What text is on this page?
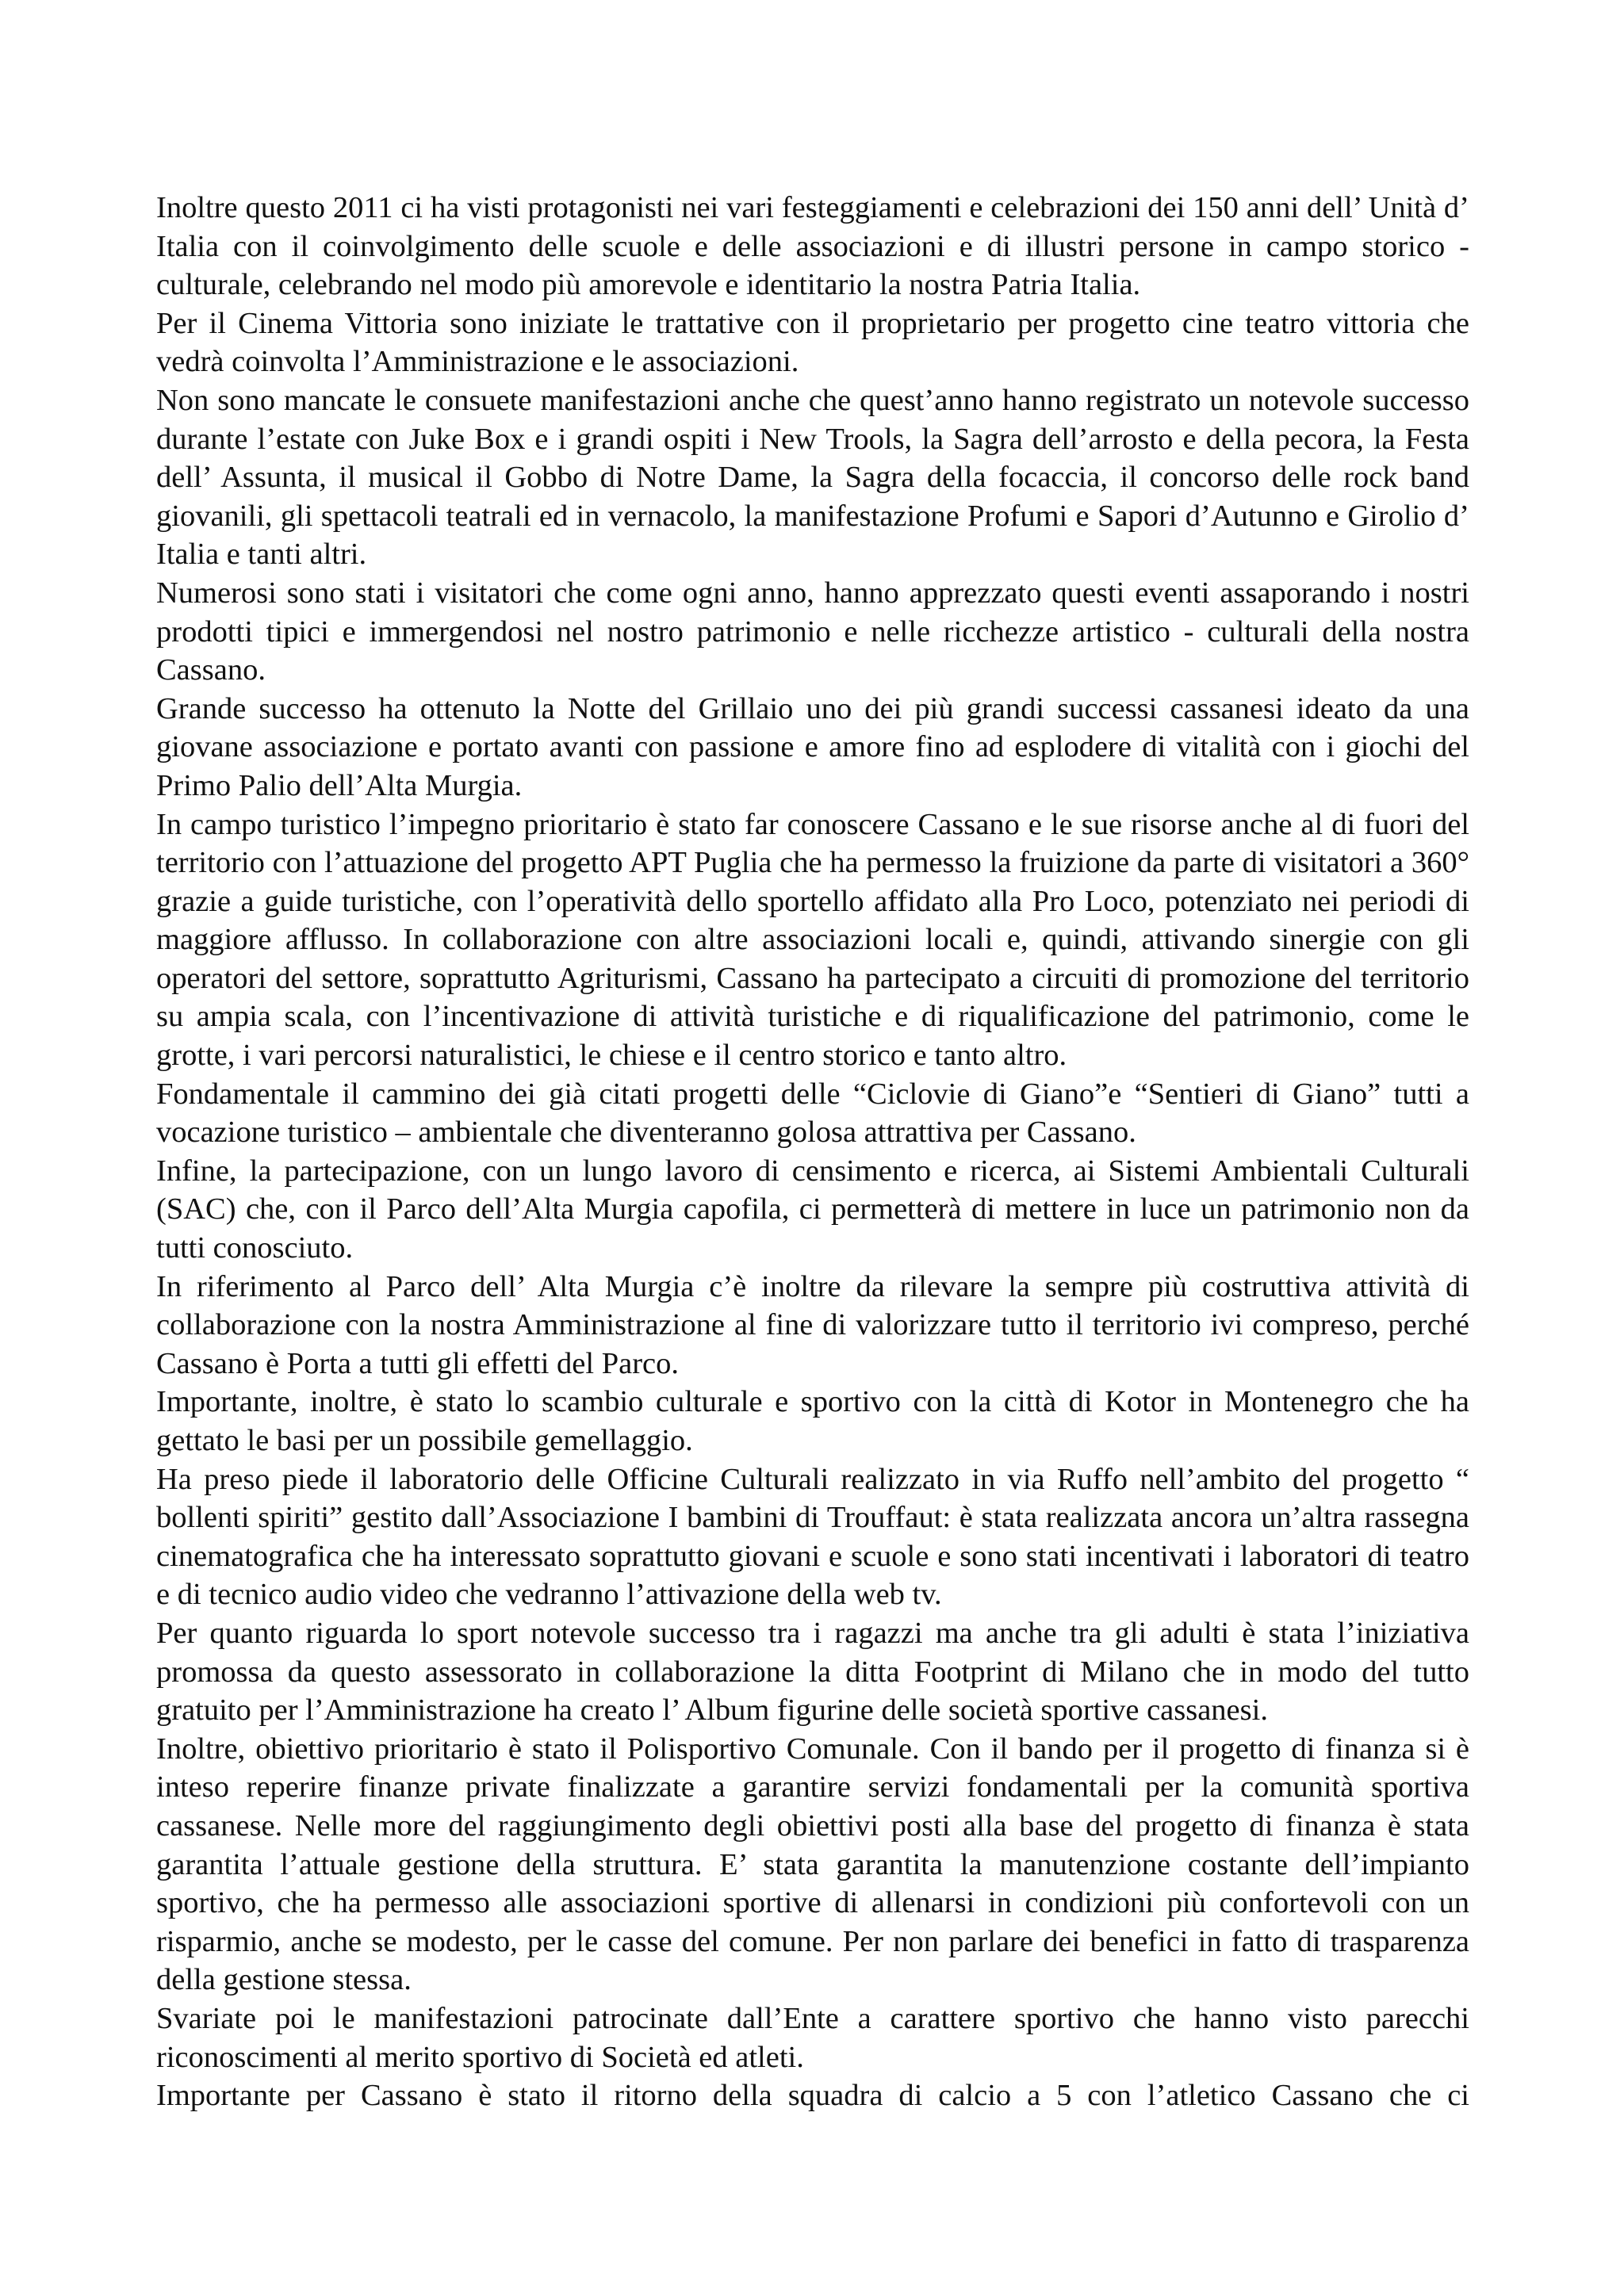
Inoltre questo 2011 ci ha visti protagonisti nei vari festeggiamenti e celebrazioni dei 150 anni dell’ Unità d’ Italia con il coinvolgimento delle scuole e delle associazioni e di illustri persone in campo storico - culturale, celebrando nel modo più amorevole e identitario la nostra Patria Italia.

Per il Cinema Vittoria sono iniziate le trattative con il proprietario per progetto cine teatro vittoria che vedrà coinvolta l’Amministrazione e le associazioni.

Non sono mancate le consuete manifestazioni anche che quest’anno hanno registrato un notevole successo durante l’estate con Juke Box e i grandi ospiti i New Trools, la Sagra dell’arrosto e della pecora, la Festa dell’ Assunta, il musical il Gobbo di Notre Dame, la Sagra della focaccia, il concorso delle rock band giovanili, gli spettacoli teatrali ed in vernacolo, la manifestazione Profumi e Sapori d’Autunno e Girolio d’ Italia e tanti altri.

Numerosi sono stati i visitatori che come ogni anno, hanno apprezzato questi eventi assaporando i nostri prodotti tipici e immergendosi nel nostro patrimonio e nelle ricchezze artistico - culturali della nostra Cassano.

Grande successo ha ottenuto la Notte del Grillaio uno dei più grandi successi cassanesi ideato da una giovane associazione e portato avanti con passione e amore fino ad esplodere di vitalità con i giochi del Primo Palio dell’Alta Murgia.

In campo turistico l’impegno prioritario è stato far conoscere Cassano e le sue risorse anche al di fuori del territorio con l’attuazione del progetto APT Puglia che ha permesso la fruizione da parte di visitatori a 360° grazie a guide turistiche, con l’operatività dello sportello affidato alla Pro Loco, potenziato nei periodi di maggiore afflusso. In collaborazione con altre associazioni locali e, quindi, attivando sinergie con gli operatori del settore, soprattutto Agriturismi, Cassano ha partecipato a circuiti di promozione del territorio su ampia scala, con l’incentivazione di attività turistiche e di riqualificazione del patrimonio, come le grotte, i vari percorsi naturalistici, le chiese e il centro storico e tanto altro.

Fondamentale il cammino dei già citati progetti delle “Ciclovie di Giano”e “Sentieri di Giano” tutti a vocazione turistico – ambientale che diventeranno golosa attrattiva per Cassano.

Infine, la partecipazione, con un lungo lavoro di censimento e ricerca, ai Sistemi Ambientali Culturali (SAC) che, con il Parco dell’Alta Murgia capofila, ci permetterà di mettere in luce un patrimonio non da tutti conosciuto.

In riferimento al Parco dell’ Alta Murgia c’è inoltre da rilevare la sempre più costruttiva attività di collaborazione con la nostra Amministrazione al fine di valorizzare tutto il territorio ivi compreso, perché Cassano è Porta a tutti gli effetti del Parco.

Importante, inoltre, è stato lo scambio culturale e sportivo con la città di Kotor in Montenegro che ha gettato le basi per un possibile gemellaggio.

Ha preso piede il laboratorio delle Officine Culturali realizzato in via Ruffo nell’ambito del progetto “ bollenti spiriti” gestito dall’Associazione I bambini di Trouffaut: è stata realizzata ancora un’altra rassegna cinematografica che ha interessato soprattutto giovani e scuole e sono stati incentivati i laboratori di teatro e di tecnico audio video che vedranno l’attivazione della web tv.

Per quanto riguarda lo sport notevole successo tra i ragazzi ma anche tra gli adulti è stata l’iniziativa promossa da questo assessorato in collaborazione la ditta Footprint di Milano che in modo del tutto gratuito per l’Amministrazione ha creato l’ Album figurine delle società sportive cassanesi.

Inoltre, obiettivo prioritario è stato il Polisportivo Comunale. Con il bando per il progetto di finanza si è inteso reperire finanze private finalizzate a garantire servizi fondamentali per la comunità sportiva cassanese. Nelle more del raggiungimento degli obiettivi posti alla base del progetto di finanza è stata garantita l’attuale gestione della struttura. E’ stata garantita la manutenzione costante dell’impianto sportivo, che ha permesso alle associazioni sportive di allenarsi in condizioni più confortevoli con un risparmio, anche se modesto, per le casse del comune. Per non parlare dei benefici in fatto di trasparenza della gestione stessa.

Svariate poi le manifestazioni patrocinate dall’Ente a carattere sportivo che hanno visto parecchi riconoscimenti al merito sportivo di Società ed atleti.

Importante per Cassano è stato il ritorno della squadra di calcio a 5 con l’atletico Cassano che ci
